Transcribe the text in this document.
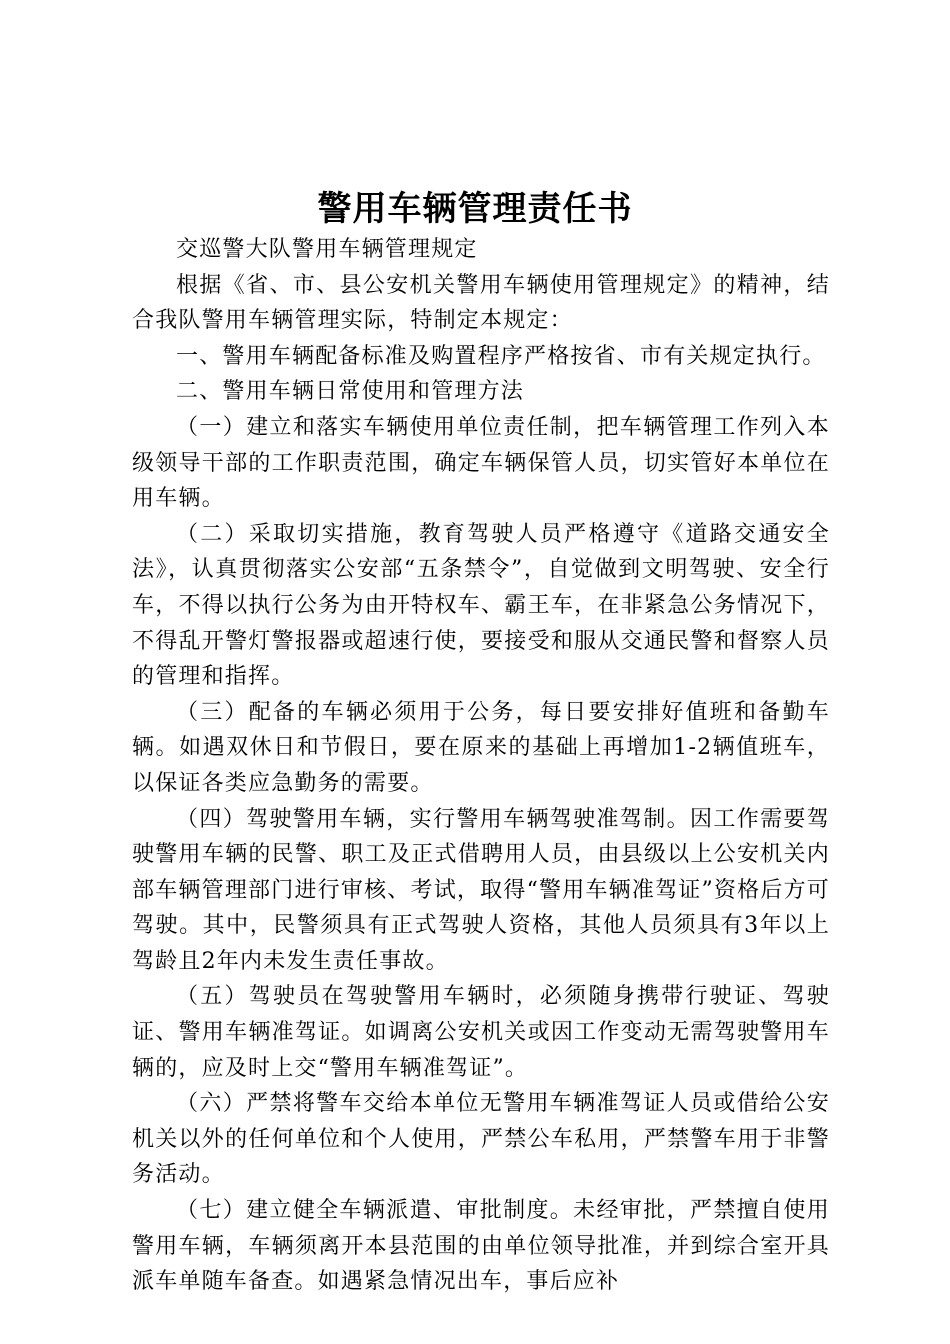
警用车辆管理责任书

交巡警大队警用车辆管理规定

根据《省、市、县公安机关警用车辆使用管理规定》的精神，结合我队警用车辆管理实际，特制定本规定：

一、警用车辆配备标准及购置程序严格按省、市有关规定执行。

二、警用车辆日常使用和管理方法

（一）建立和落实车辆使用单位责任制，把车辆管理工作列入本级领导干部的工作职责范围，确定车辆保管人员，切实管好本单位在用车辆。

（二）采取切实措施，教育驾驶人员严格遵守《道路交通安全法》，认真贯彻落实公安部“五条禁令”，自觉做到文明驾驶、安全行车，不得以执行公务为由开特权车、霸王车，在非紧急公务情况下，不得乱开警灯警报器或超速行使，要接受和服从交通民警和督察人员的管理和指挥。

（三）配备的车辆必须用于公务，每日要安排好值班和备勤车辆。如遇双休日和节假日，要在原来的基础上再增加1-2辆值班车，以保证各类应急勤务的需要。

（四）驾驶警用车辆，实行警用车辆驾驶准驾制。因工作需要驾驶警用车辆的民警、职工及正式借聘用人员，由县级以上公安机关内部车辆管理部门进行审核、考试，取得“警用车辆准驾证”资格后方可驾驶。其中，民警须具有正式驾驶人资格，其他人员须具有3年以上驾龄且2年内未发生责任事故。

（五）驾驶员在驾驶警用车辆时，必须随身携带行驶证、驾驶证、警用车辆准驾证。如调离公安机关或因工作变动无需驾驶警用车辆的，应及时上交“警用车辆准驾证”。

（六）严禁将警车交给本单位无警用车辆准驾证人员或借给公安机关以外的任何单位和个人使用，严禁公车私用，严禁警车用于非警务活动。

（七）建立健全车辆派遣、审批制度。未经审批，严禁擅自使用警用车辆，车辆须离开本县范围的由单位领导批准，并到综合室开具派车单随车备查。如遇紧急情况出车，事后应补
